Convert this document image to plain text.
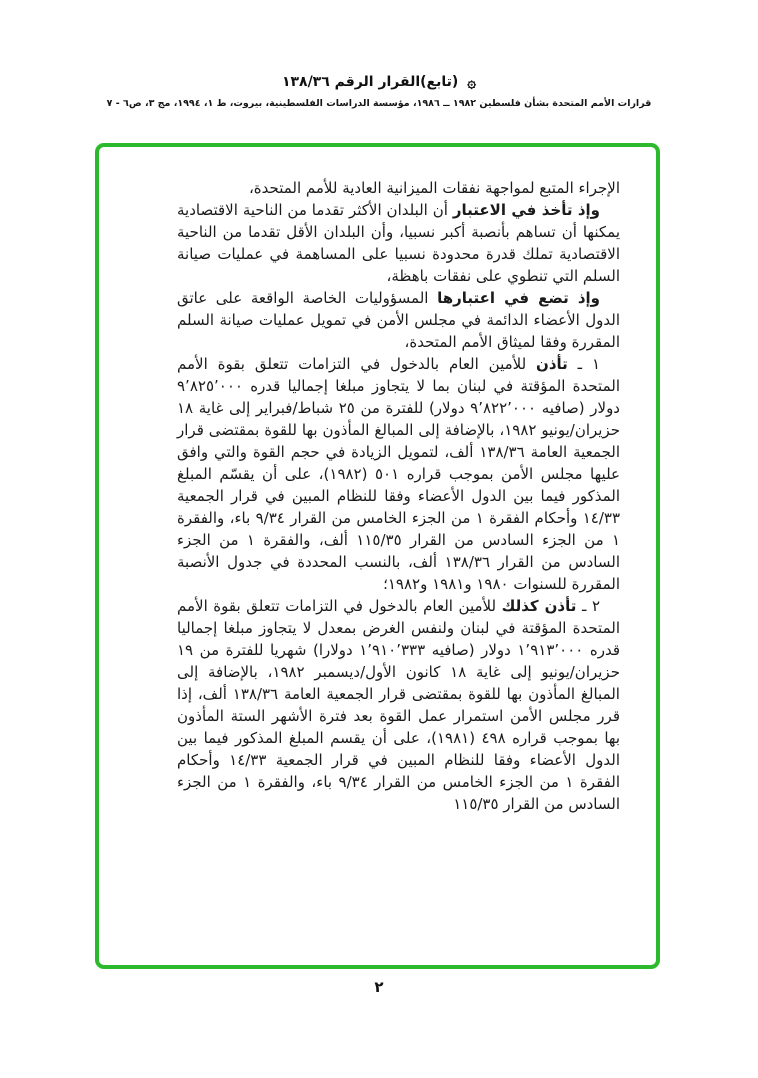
۞
(تابع)القرار الرقم ١٣٨/٣٦
قرارات الأمم المتحدة بشأن فلسطين ١٩٨٢ ــ ١٩٨٦، مؤسسة الدراسات الفلسطينية، بيروت، ط ١، ١٩٩٤، مج ٣، ص٦ - ٧

الإجراء المتبع لمواجهة نفقات الميزانية العادية للأمم المتحدة،

وإذ تأخذ في الاعتبار أن البلدان الأكثر تقدما من الناحية الاقتصادية يمكنها أن تساهم بأنصبة أكبر نسبيا، وأن البلدان الأقل تقدما من الناحية الاقتصادية تملك قدرة محدودة نسبيا على المساهمة في عمليات صيانة السلم التي تنطوي على نفقات باهظة،

وإذ تضع في اعتبارها المسؤوليات الخاصة الواقعة على عاتق الدول الأعضاء الدائمة في مجلس الأمن في تمويل عمليات صيانة السلم المقررة وفقا لميثاق الأمم المتحدة،

١ ـ تأذن للأمين العام بالدخول في التزامات تتعلق بقوة الأمم المتحدة المؤقتة في لبنان بما لا يتجاوز مبلغا إجماليا قدره ٩٬٨٢٥٬٠٠٠ دولار (صافيه ٩٬٨٢٢٬٠٠٠ دولار) للفترة من ٢٥ شباط/فبراير إلى غاية ١٨ حزيران/يونيو ١٩٨٢، بالإضافة إلى المبالغ المأذون بها للقوة بمقتضى قرار الجمعية العامة ١٣٨/٣٦ ألف، لتمويل الزيادة في حجم القوة والتي وافق عليها مجلس الأمن بموجب قراره ٥٠١ (١٩٨٢)، على أن يقسّم المبلغ المذكور فيما بين الدول الأعضاء وفقا للنظام المبين في قرار الجمعية ١٤/٣٣ وأحكام الفقرة ١ من الجزء الخامس من القرار ٩/٣٤ باء، والفقرة ١ من الجزء السادس من القرار ١١٥/٣٥ ألف، والفقرة ١ من الجزء السادس من القرار ١٣٨/٣٦ ألف، بالنسب المحددة في جدول الأنصبة المقررة للسنوات ١٩٨٠ و١٩٨١ و١٩٨٢؛

٢ ـ تأذن كذلك للأمين العام بالدخول في التزامات تتعلق بقوة الأمم المتحدة المؤقتة في لبنان ولنفس الغرض بمعدل لا يتجاوز مبلغا إجماليا قدره ١٬٩١٣٬٠٠٠ دولار (صافيه ١٬٩١٠٬٣٣٣ دولارا) شهريا للفترة من ١٩ حزيران/يونيو إلى غاية ١٨ كانون الأول/ديسمبر ١٩٨٢، بالإضافة إلى المبالغ المأذون بها للقوة بمقتضى قرار الجمعية العامة ١٣٨/٣٦ ألف، إذا قرر مجلس الأمن استمرار عمل القوة بعد فترة الأشهر الستة المأذون بها بموجب قراره ٤٩٨ (١٩٨١)، على أن يقسم المبلغ المذكور فيما بين الدول الأعضاء وفقا للنظام المبين في قرار الجمعية ١٤/٣٣ وأحكام الفقرة ١ من الجزء الخامس من القرار ٩/٣٤ باء، والفقرة ١ من الجزء السادس من القرار ١١٥/٣٥

٢
